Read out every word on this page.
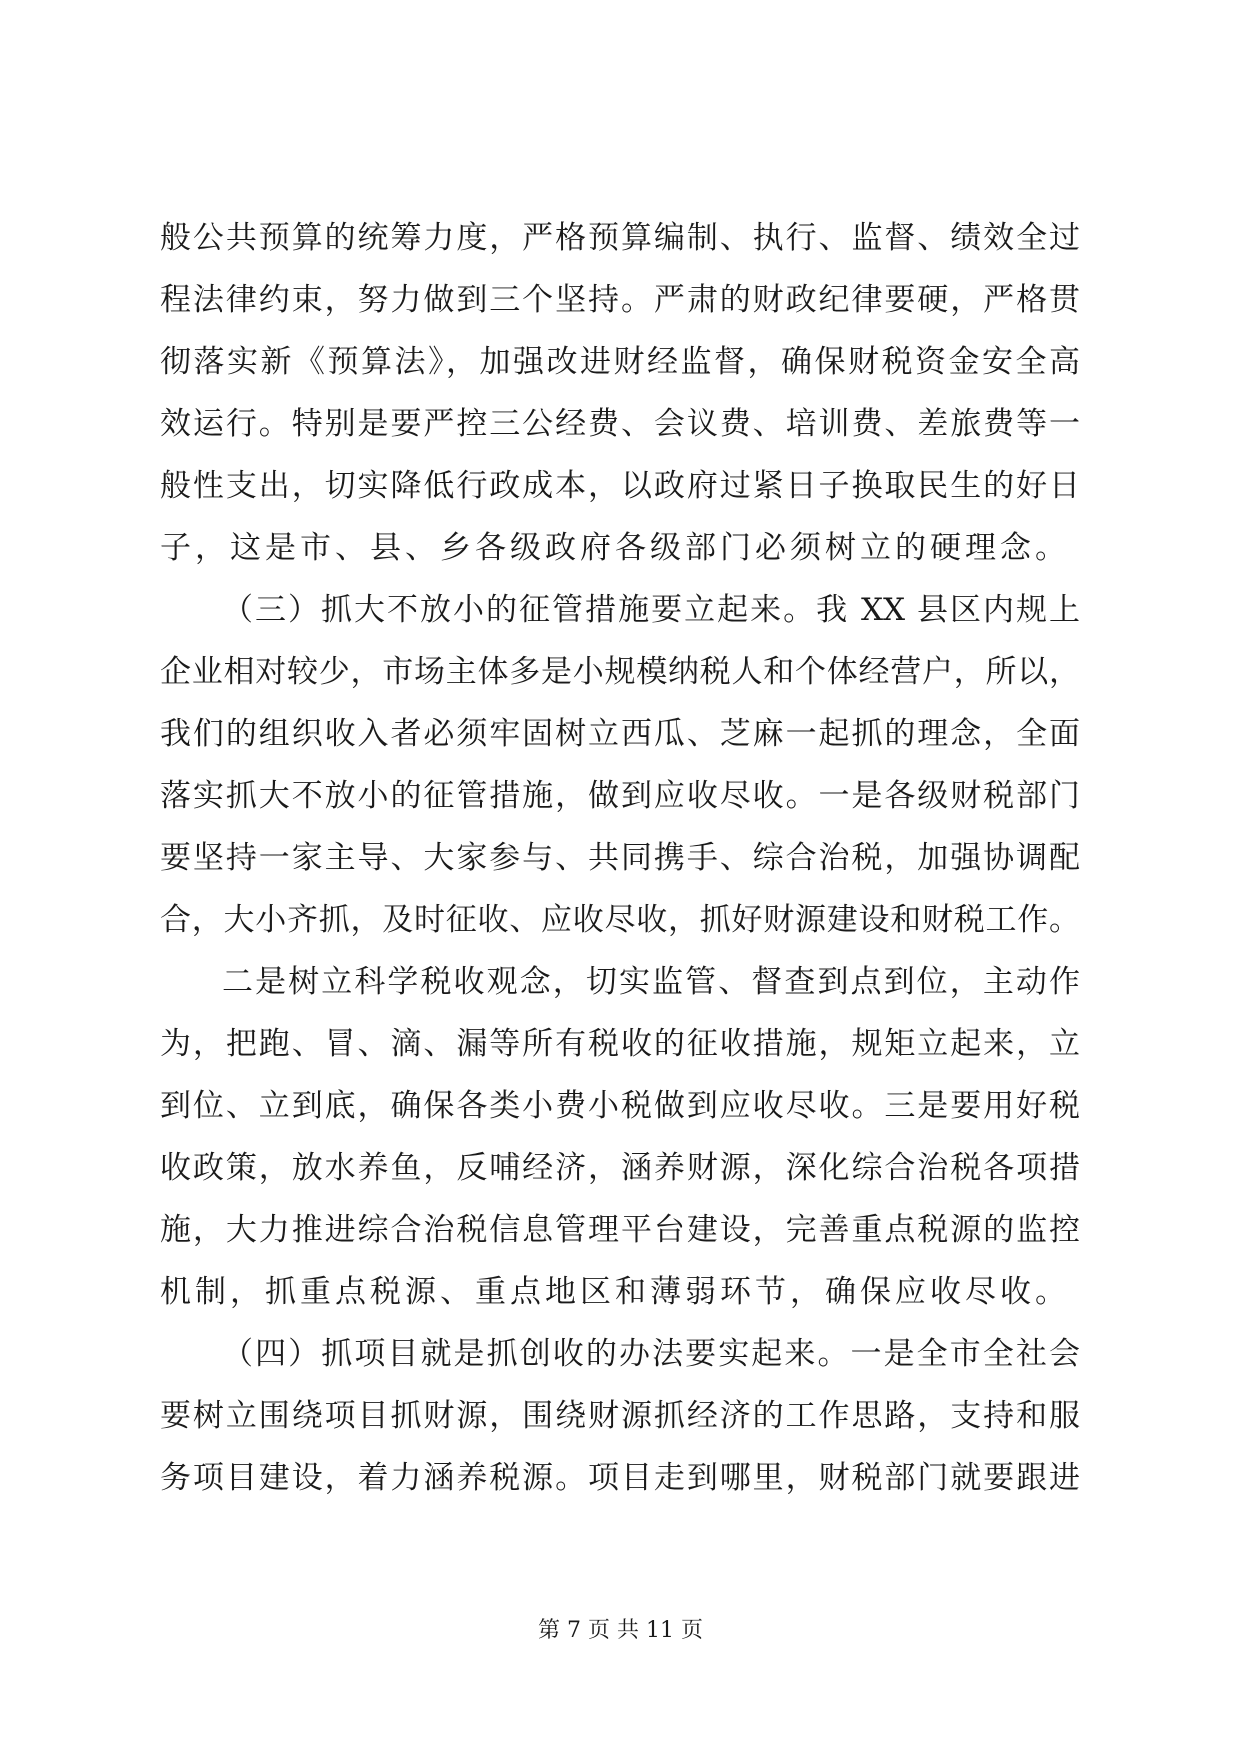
般公共预算的统筹力度，严格预算编制、执行、监督、绩效全过
程法律约束，努力做到三个坚持。严肃的财政纪律要硬，严格贯
彻落实新《预算法》，加强改进财经监督，确保财税资金安全高
效运行。特别是要严控三公经费、会议费、培训费、差旅费等一
般性支出，切实降低行政成本，以政府过紧日子换取民生的好日
子，这是市、县、乡各级政府各级部门必须树立的硬理念。
（三）抓大不放小的征管措施要立起来。我 XX 县区内规上
企业相对较少，市场主体多是小规模纳税人和个体经营户，所以，
我们的组织收入者必须牢固树立西瓜、芝麻一起抓的理念，全面
落实抓大不放小的征管措施，做到应收尽收。一是各级财税部门
要坚持一家主导、大家参与、共同携手、综合治税，加强协调配
合，大小齐抓，及时征收、应收尽收，抓好财源建设和财税工作。
二是树立科学税收观念，切实监管、督查到点到位，主动作
为，把跑、冒、滴、漏等所有税收的征收措施，规矩立起来，立
到位、立到底，确保各类小费小税做到应收尽收。三是要用好税
收政策，放水养鱼，反哺经济，涵养财源，深化综合治税各项措
施，大力推进综合治税信息管理平台建设，完善重点税源的监控
机制，抓重点税源、重点地区和薄弱环节，确保应收尽收。
（四）抓项目就是抓创收的办法要实起来。一是全市全社会
要树立围绕项目抓财源，围绕财源抓经济的工作思路，支持和服
务项目建设，着力涵养税源。项目走到哪里，财税部门就要跟进
第 7 页 共 11 页
